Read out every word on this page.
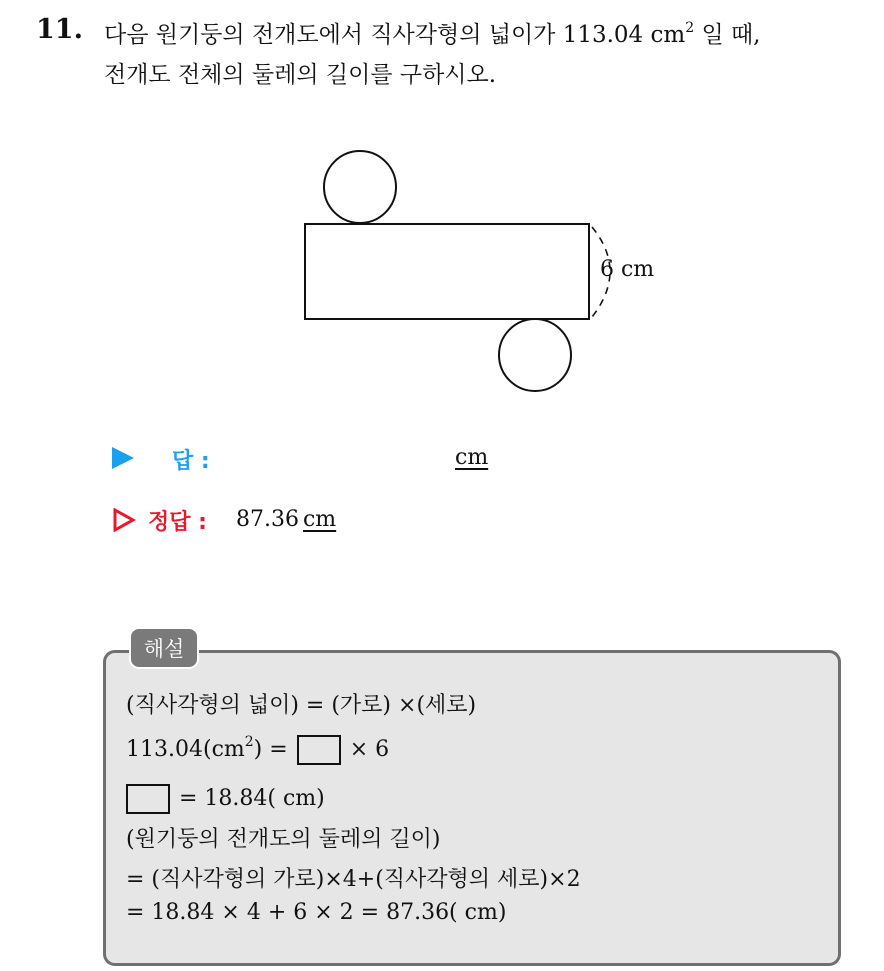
11. 다음 원기둥의 전개도에서 직사각형의 넓이가 113.04 $cm^2$ 일 때,
전개도 전체의 둘레의 길이를 구하시오.
6 cm
답 :	cm
정답 : 87.36 cm
해설
(직사각형의 넓이) = (가로) ×(세로)
$113.04(cm^2)$ =	× 6
= 18.84( cm)
(원기둥의 전개도의 둘레의 길이)
= (직사각형의 가로)×4+(직사각형의 세로)×2
= 18.84 × 4 + 6 × 2 = 87.36( cm)
